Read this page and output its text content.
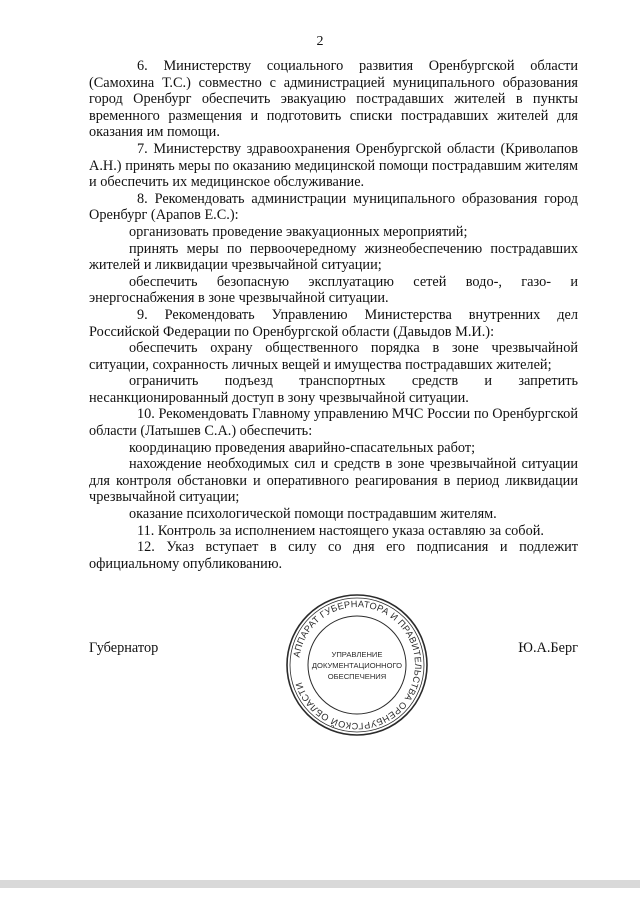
2

6. Министерству социального развития Оренбургской области (Самохина Т.С.) совместно с администрацией муниципального образования город Оренбург обеспечить эвакуацию пострадавших жителей в пункты временного размещения и подготовить списки пострадавших жителей для оказания им помощи.

7. Министерству здравоохранения Оренбургской области (Криволапов А.Н.) принять меры по оказанию медицинской помощи пострадавшим жителям и обеспечить их медицинское обслуживание.

8. Рекомендовать администрации муниципального образования город Оренбург (Арапов Е.С.):

организовать проведение эвакуационных мероприятий;

принять меры по первоочередному жизнеобеспечению пострадавших жителей и ликвидации чрезвычайной ситуации;

обеспечить безопасную эксплуатацию сетей водо-, газо- и энергоснабжения в зоне чрезвычайной ситуации.

9. Рекомендовать Управлению Министерства внутренних дел Российской Федерации по Оренбургской области (Давыдов М.И.):

обеспечить охрану общественного порядка в зоне чрезвычайной ситуации, сохранность личных вещей и имущества пострадавших жителей;

ограничить подъезд транспортных средств и запретить несанкционированный доступ в зону чрезвычайной ситуации.

10. Рекомендовать Главному управлению МЧС России по Оренбургской области (Латышев С.А.) обеспечить:

координацию проведения аварийно-спасательных работ;

нахождение необходимых сил и средств в зоне чрезвычайной ситуации для контроля обстановки и оперативного реагирования в период ликвидации чрезвычайной ситуации;

оказание психологической помощи пострадавшим жителям.

11. Контроль за исполнением настоящего указа оставляю за собой.

12. Указ вступает в силу со дня его подписания и подлежит официальному опубликованию.

Губернатор	Ю.А.Берг
АППАРАТ ГУБЕРНАТОРА И ПРАВИТЕЛЬСТВА ОРЕНБУРГСКОЙ ОБЛАСТИ
УПРАВЛЕНИЕ
ДОКУМЕНТАЦИОННОГО
ОБЕСПЕЧЕНИЯ
